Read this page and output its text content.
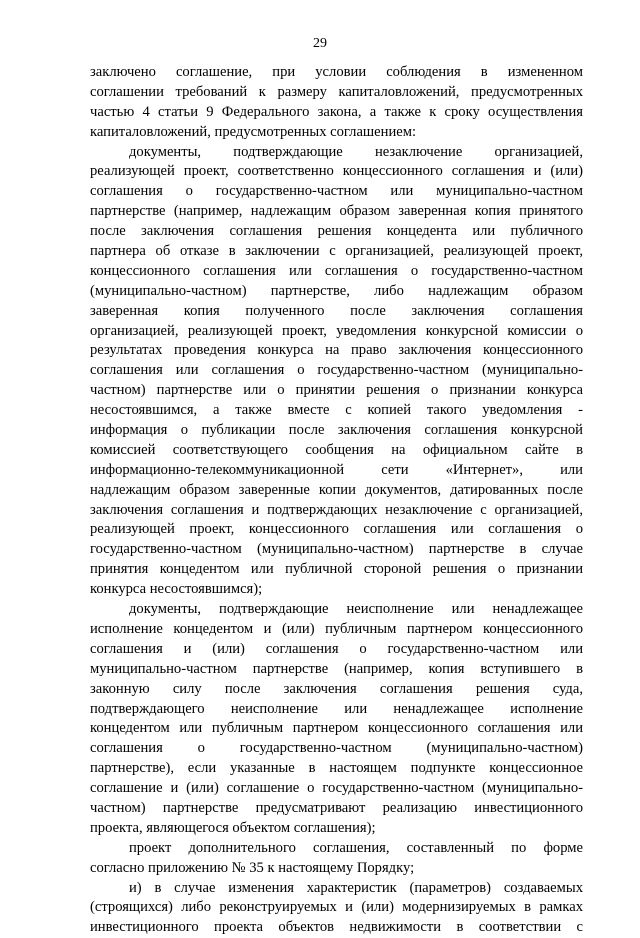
29
заключено соглашение, при условии соблюдения в измененном
соглашении требований к размеру капиталовложений, предусмотренных
частью 4 статьи 9 Федерального закона, а также к сроку осуществления
капиталовложений, предусмотренных соглашением:
документы, подтверждающие незаключение организацией,
реализующей проект, соответственно концессионного соглашения и (или)
соглашения о государственно-частном или муниципально-частном
партнерстве (например, надлежащим образом заверенная копия принятого
после заключения соглашения решения концедента или публичного
партнера об отказе в заключении с организацией, реализующей проект,
концессионного соглашения или соглашения о государственно-частном
(муниципально-частном) партнерстве, либо надлежащим образом
заверенная копия полученного после заключения соглашения
организацией, реализующей проект, уведомления конкурсной комиссии о
результатах проведения конкурса на право заключения концессионного
соглашения или соглашения о государственно-частном (муниципально-
частном) партнерстве или о принятии решения о признании конкурса
несостоявшимся, а также вместе с копией такого уведомления -
информация о публикации после заключения соглашения конкурсной
комиссией соответствующего сообщения на официальном сайте в
информационно-телекоммуникационной сети «Интернет», или
надлежащим образом заверенные копии документов, датированных после
заключения соглашения и подтверждающих незаключение с организацией,
реализующей проект, концессионного соглашения или соглашения о
государственно-частном (муниципально-частном) партнерстве в случае
принятия концедентом или публичной стороной решения о признании
конкурса несостоявшимся);
документы, подтверждающие неисполнение или ненадлежащее
исполнение концедентом и (или) публичным партнером концессионного
соглашения и (или) соглашения о государственно-частном или
муниципально-частном партнерстве (например, копия вступившего в
законную силу после заключения соглашения решения суда,
подтверждающего неисполнение или ненадлежащее исполнение
концедентом или публичным партнером концессионного соглашения или
соглашения о государственно-частном (муниципально-частном)
партнерстве), если указанные в настоящем подпункте концессионное
соглашение и (или) соглашение о государственно-частном (муниципально-
частном) партнерстве предусматривают реализацию инвестиционного
проекта, являющегося объектом соглашения);
проект дополнительного соглашения, составленный по форме
согласно приложению № 35 к настоящему Порядку;
и) в случае изменения характеристик (параметров) создаваемых
(строящихся) либо реконструируемых и (или) модернизируемых в рамках
инвестиционного проекта объектов недвижимости в соответствии с
